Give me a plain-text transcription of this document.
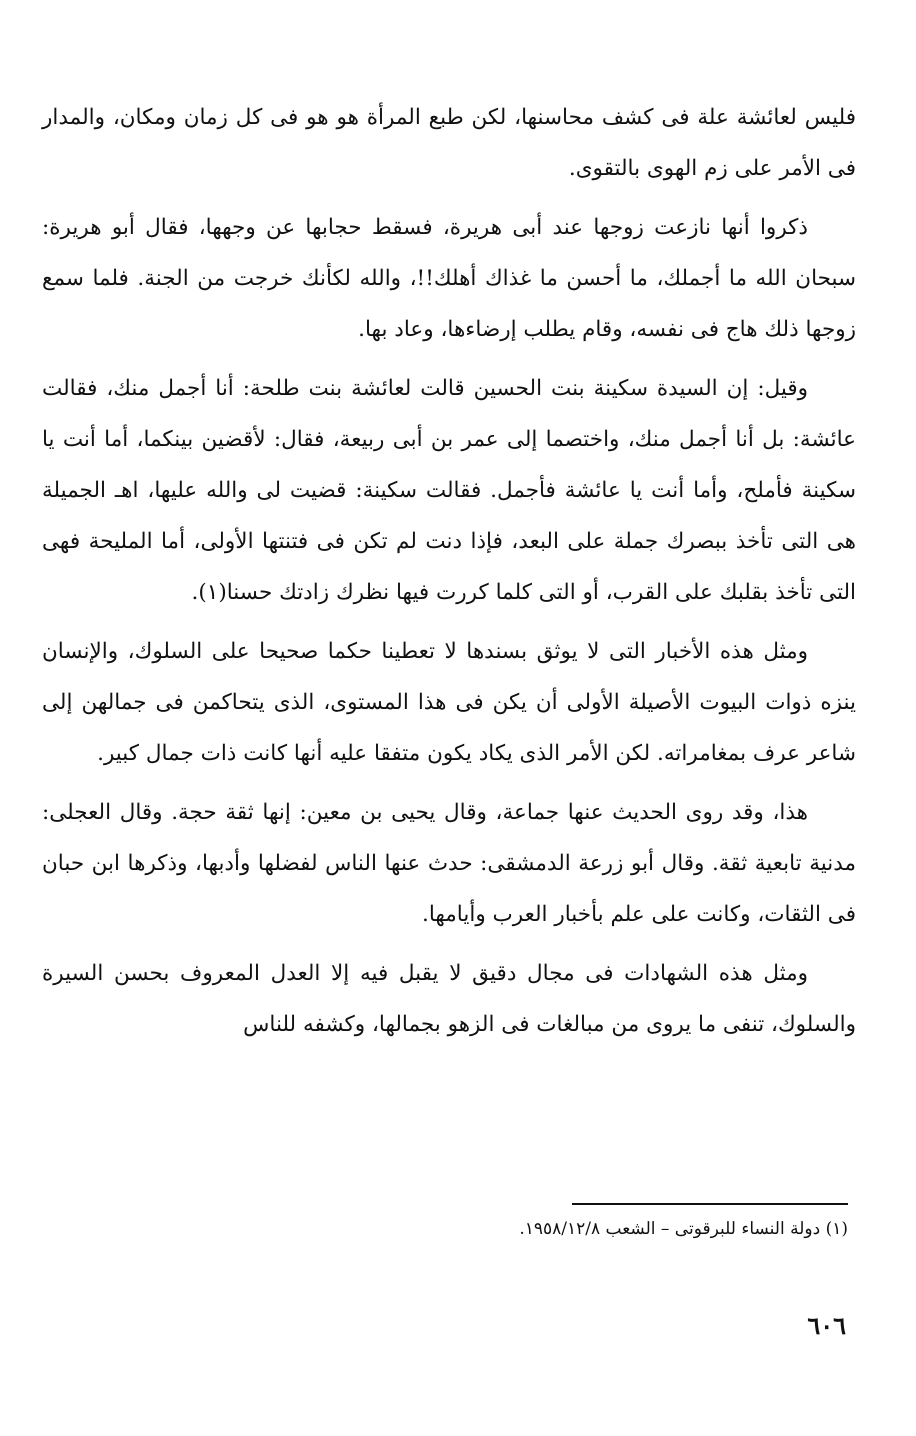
فليس لعائشة علة فى كشف محاسنها، لكن طبع المرأة هو هو فى كل زمان ومكان، والمدار فى الأمر على زم الهوى بالتقوى.

ذكروا أنها نازعت زوجها عند أبى هريرة، فسقط حجابها عن وجهها، فقال أبو هريرة: سبحان الله ما أجملك، ما أحسن ما غذاك أهلك!!، والله لكأنك خرجت من الجنة. فلما سمع زوجها ذلك هاج فى نفسه، وقام يطلب إرضاءها، وعاد بها.

وقيل: إن السيدة سكينة بنت الحسين قالت لعائشة بنت طلحة: أنا أجمل منك، فقالت عائشة: بل أنا أجمل منك، واختصما إلى عمر بن أبى ربيعة، فقال: لأقضين بينكما، أما أنت يا سكينة فأملح، وأما أنت يا عائشة فأجمل. فقالت سكينة: قضيت لى والله عليها، اهـ الجميلة هى التى تأخذ ببصرك جملة على البعد، فإذا دنت لم تكن فى فتنتها الأولى، أما المليحة فهى التى تأخذ بقلبك على القرب، أو التى كلما كررت فيها نظرك زادتك حسنا(١).

ومثل هذه الأخبار التى لا يوثق بسندها لا تعطينا حكما صحيحا على السلوك، والإنسان ينزه ذوات البيوت الأصيلة الأولى أن يكن فى هذا المستوى، الذى يتحاكمن فى جمالهن إلى شاعر عرف بمغامراته. لكن الأمر الذى يكاد يكون متفقا عليه أنها كانت ذات جمال كبير.

هذا، وقد روى الحديث عنها جماعة، وقال يحيى بن معين: إنها ثقة حجة. وقال العجلى: مدنية تابعية ثقة. وقال أبو زرعة الدمشقى: حدث عنها الناس لفضلها وأدبها، وذكرها ابن حبان فى الثقات، وكانت على علم بأخبار العرب وأيامها.

ومثل هذه الشهادات فى مجال دقيق لا يقبل فيه إلا العدل المعروف بحسن السيرة والسلوك، تنفى ما يروى من مبالغات فى الزهو بجمالها، وكشفه للناس

(١) دولة النساء للبرقوتى – الشعب ١٩٥٨/١٢/٨.

٦٠٦
